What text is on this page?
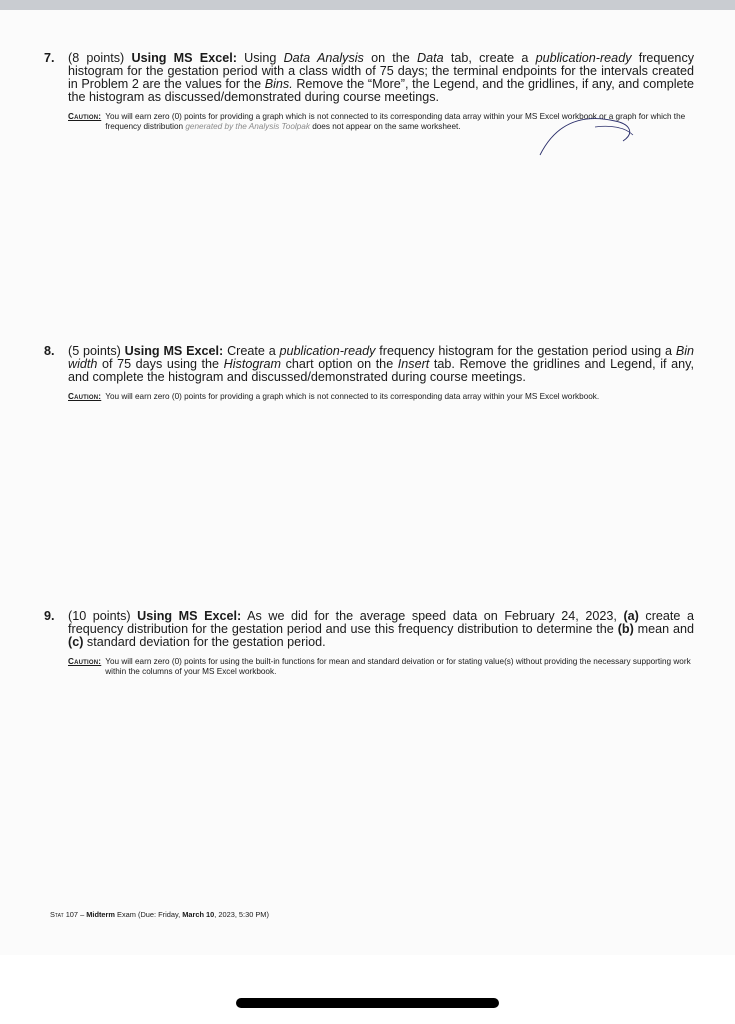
7.	(8 points) Using MS Excel: Using Data Analysis on the Data tab, create a publication-ready frequency histogram for the gestation period with a class width of 75 days; the terminal endpoints for the intervals created in Problem 2 are the values for the Bins. Remove the “More”, the Legend, and the gridlines, if any, and complete the histogram as discussed/demonstrated during course meetings.
Caution: You will earn zero (0) points for providing a graph which is not connected to its corresponding data array within your MS Excel workbook or a graph for which the frequency distribution generated by the Analysis Toolpak does not appear on the same worksheet.
8.	(5 points) Using MS Excel: Create a publication-ready frequency histogram for the gestation period using a Bin width of 75 days using the Histogram chart option on the Insert tab. Remove the gridlines and Legend, if any, and complete the histogram and discussed/demonstrated during course meetings.
Caution: You will earn zero (0) points for providing a graph which is not connected to its corresponding data array within your MS Excel workbook.
9.	(10 points) Using MS Excel: As we did for the average speed data on February 24, 2023, (a) create a frequency distribution for the gestation period and use this frequency distribution to determine the (b) mean and (c) standard deviation for the gestation period.
Caution: You will earn zero (0) points for using the built-in functions for mean and standard deivation or for stating value(s) without providing the necessary supporting work within the columns of your MS Excel workbook.
Stat 107 – Midterm Exam (Due: Friday, March 10, 2023, 5:30 PM)
